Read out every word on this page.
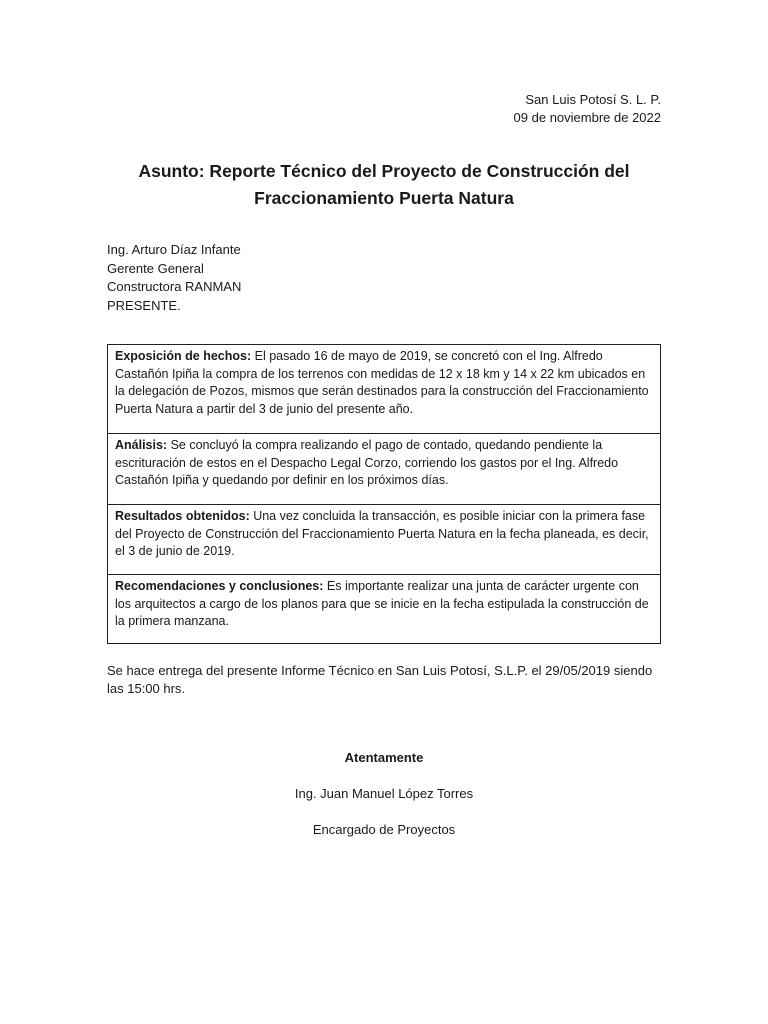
San Luis Potosí S. L. P.
09 de noviembre de 2022
Asunto: Reporte Técnico del Proyecto de Construcción del
Fraccionamiento Puerta Natura
Ing. Arturo Díaz Infante
Gerente General
Constructora RANMAN
PRESENTE.
Exposición de hechos: El pasado 16 de mayo de 2019, se concretó con el Ing. Alfredo Castañón Ipiña la compra de los terrenos con medidas de 12 x 18 km y 14 x 22 km ubicados en la delegación de Pozos, mismos que serán destinados para la construcción del Fraccionamiento Puerta Natura a partir del 3 de junio del presente año.
Análisis: Se concluyó la compra realizando el pago de contado, quedando pendiente la escrituración de estos en el Despacho Legal Corzo, corriendo los gastos por el Ing. Alfredo Castañón Ipiña y quedando por definir en los próximos días.
Resultados obtenidos: Una vez concluida la transacción, es posible iniciar con la primera fase del Proyecto de Construcción del Fraccionamiento Puerta Natura en la fecha planeada, es decir, el 3 de junio de 2019.
Recomendaciones y conclusiones: Es importante realizar una junta de carácter urgente con los arquitectos a cargo de los planos para que se inicie en la fecha estipulada la construcción de la primera manzana.
Se hace entrega del presente Informe Técnico en San Luis Potosí, S.L.P. el 29/05/2019 siendo las 15:00 hrs.
Atentamente
Ing. Juan Manuel López Torres
Encargado de Proyectos
